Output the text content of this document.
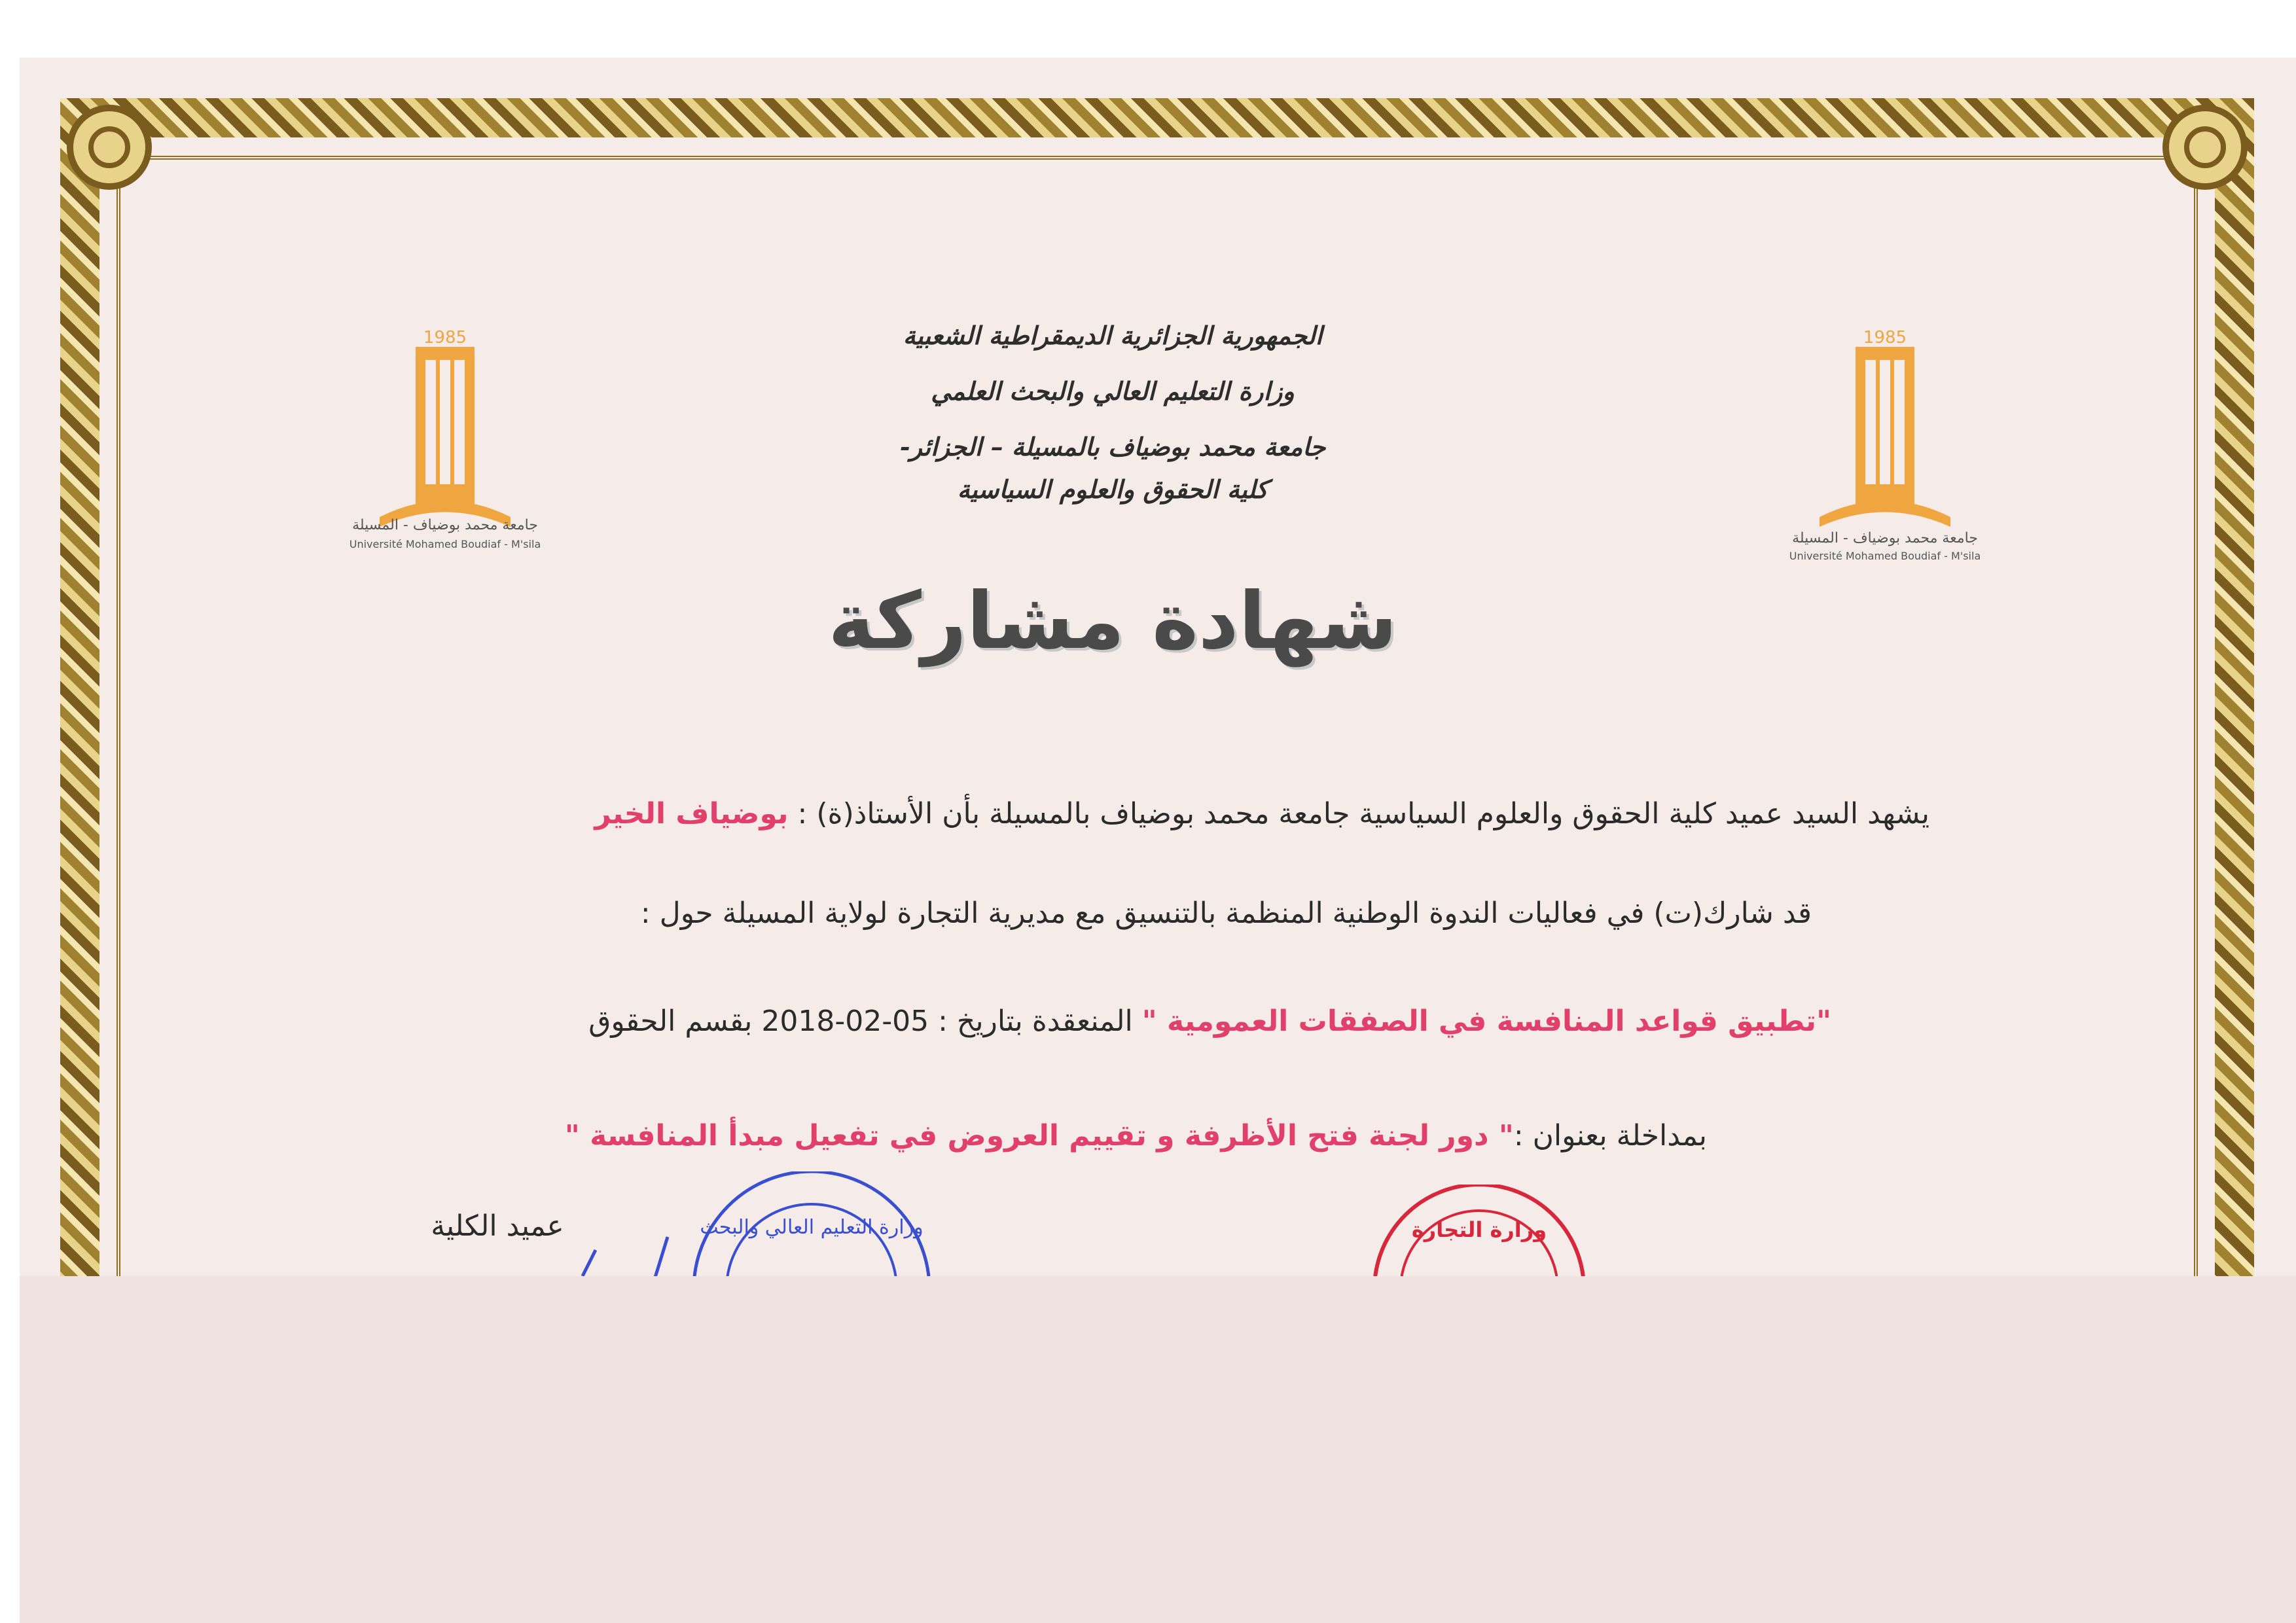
1985
جامعة محمد بوضياف - المسيلة
Université Mohamed Boudiaf - M'sila
1985
جامعة محمد بوضياف - المسيلة
Université Mohamed Boudiaf - M'sila
الجمهورية الجزائرية الديمقراطية الشعبية
وزارة التعليم العالي والبحث العلمي
جامعة محمد بوضياف بالمسيلة – الجزائر-
كلية الحقوق والعلوم السياسية
شهادة مشاركة
يشهد السيد عميد كلية الحقوق والعلوم السياسية جامعة محمد بوضياف بالمسيلة بأن الأستاذ(ة) : بوضياف الخير
قد شارك(ت) في فعاليات الندوة الوطنية المنظمة بالتنسيق مع مديرية التجارة لولاية المسيلة حول :
"تطبيق قواعد المنافسة في الصفقات العمومية " المنعقدة بتاريخ : 05-02-2018 بقسم الحقوق
بمداخلة بعنوان :" دور لجنة فتح الأظرفة و تقييم العروض في تفعيل مبدأ المنافسة "
عميد الكلية	وزارة التعليم العالي والبحث	وزارة التجارة
